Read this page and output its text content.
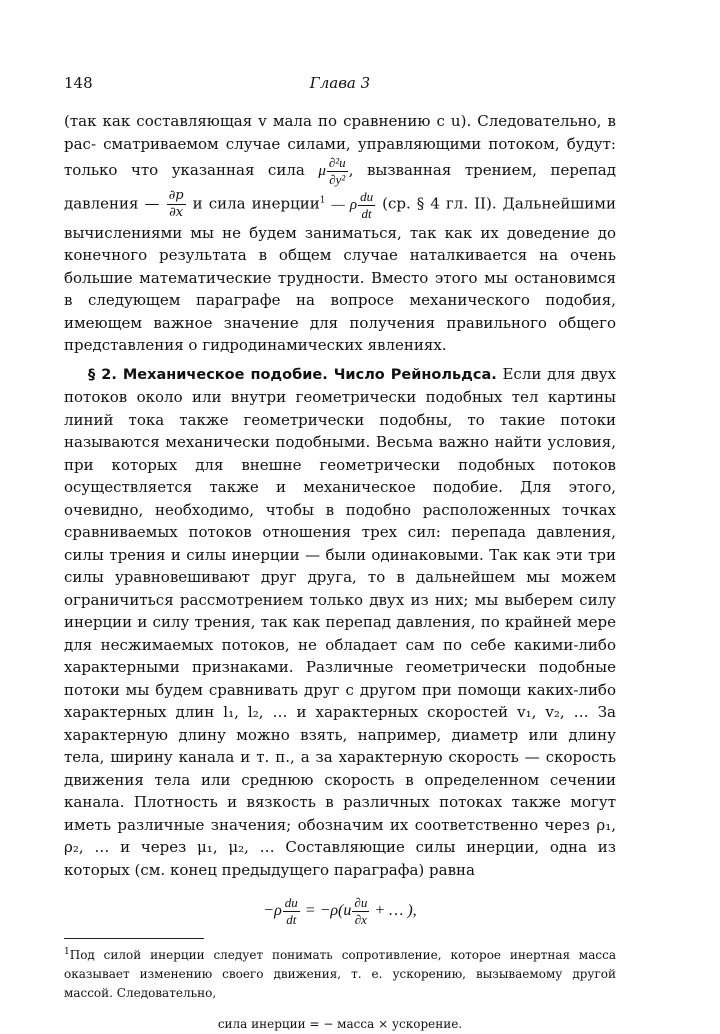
148	Глава 3

(так как составляющая v мала по сравнению с u). Следовательно, в рас- сматриваемом случае силами, управляющими потоком, будут: только что указанная сила μ $\frac{\text{∂²u}}{\text{∂y²}}$ , вызванная трением, перепад давления — $\frac{\partial p}{\partial x}$ и сила инерции$^1$ — ρ $\frac{du}{dt} (ср$. § 4 гл. II). Дальнейшими вычислениями мы не будем заниматься, так как их доведение до конечного результата в общем случае наталкивается на очень большие математические трудности. Вместо этого мы остановимся в следующем параграфе на вопросе механического подобия, имеющем важное значение для получения правильного общего представления о гидродинамических явлениях.

§ 2. Механическое подобие. Число Рейнольдса. Если для двух потоков около или внутри геометрически подобных тел картины линий тока также геометрически подобны, то такие потоки называются механически подобными. Весьма важно найти условия, при которых для внешне геометрически подобных потоков осуществляется также и механическое подобие. Для этого, очевидно, необходимо, чтобы в подобно расположенных точках сравниваемых потоков отношения трех сил: перепада давления, силы трения и силы инерции — были одинаковыми. Так как эти три силы уравновешивают друг друга, то в дальнейшем мы можем ограничиться рассмотрением только двух из них; мы выберем силу инерции и силу трения, так как перепад давления, по крайней мере для несжимаемых потоков, не обладает сам по себе какими-либо характерными признаками. Различные геометрически подобные потоки мы будем сравнивать друг с другом при помощи каких-либо характерных длин l₁, l₂, … и характерных скоростей v₁, v₂, … За характерную длину можно взять, например, диаметр или длину тела, ширину канала и т. п., а за характерную скорость — скорость движения тела или среднюю скорость в определенном сечении канала. Плотность и вязкость в различных потоках также могут иметь различные значения; обозначим их соответственно через ρ₁, ρ₂, … и через μ₁, μ₂, … Составляющие силы инерции, одна из которых (см. конец предыдущего параграфа) равна

$-\rho \frac{du}{dt} = -\rho(u \frac{\partial u}{\partial x}$ + … ),
$^1$Под силой инерции следует понимать сопротивление, которое инертная масса оказывает изменению своего движения, т. е. ускорению, вызываемому другой массой. Следовательно,
сила инерции = − масса × ускорение.
